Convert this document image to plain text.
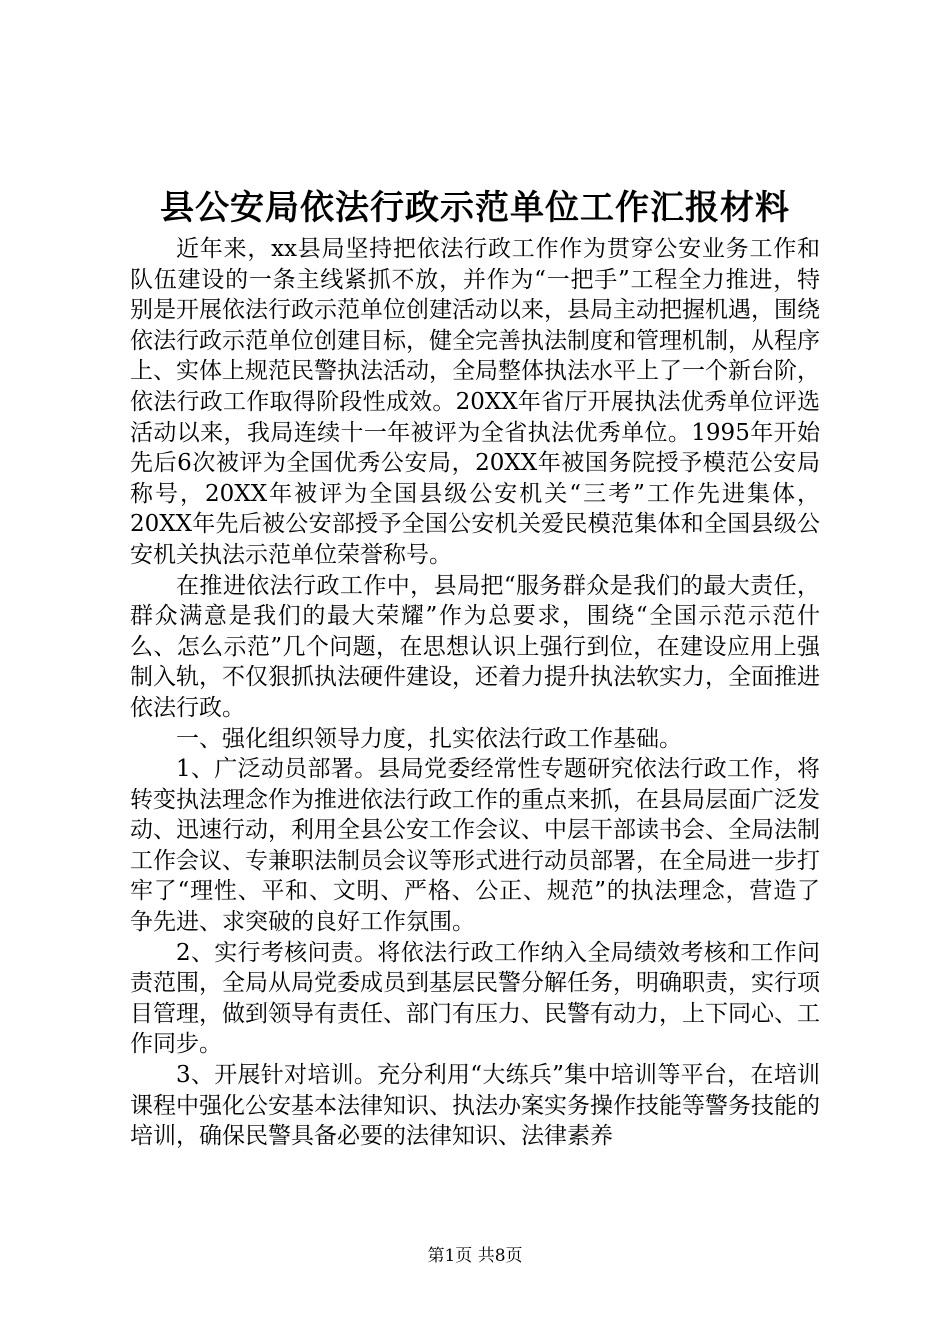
县公安局依法行政示范单位工作汇报材料

近年来，xx县局坚持把依法行政工作作为贯穿公安业务工作和队伍建设的一条主线紧抓不放，并作为“一把手”工程全力推进，特别是开展依法行政示范单位创建活动以来，县局主动把握机遇，围绕依法行政示范单位创建目标，健全完善执法制度和管理机制，从程序上、实体上规范民警执法活动，全局整体执法水平上了一个新台阶，依法行政工作取得阶段性成效。20XX年省厅开展执法优秀单位评选活动以来，我局连续十一年被评为全省执法优秀单位。1995年开始先后6次被评为全国优秀公安局，20XX年被国务院授予模范公安局称号，20XX年被评为全国县级公安机关“三考”工作先进集体，20XX年先后被公安部授予全国公安机关爱民模范集体和全国县级公安机关执法示范单位荣誉称号。

在推进依法行政工作中，县局把“服务群众是我们的最大责任，群众满意是我们的最大荣耀”作为总要求，围绕“全国示范示范什么、怎么示范”几个问题，在思想认识上强行到位，在建设应用上强制入轨，不仅狠抓执法硬件建设，还着力提升执法软实力，全面推进依法行政。

一、强化组织领导力度，扎实依法行政工作基础。

1、广泛动员部署。县局党委经常性专题研究依法行政工作，将转变执法理念作为推进依法行政工作的重点来抓，在县局层面广泛发动、迅速行动，利用全县公安工作会议、中层干部读书会、全局法制工作会议、专兼职法制员会议等形式进行动员部署，在全局进一步打牢了“理性、平和、文明、严格、公正、规范”的执法理念，营造了争先进、求突破的良好工作氛围。

2、实行考核问责。将依法行政工作纳入全局绩效考核和工作问责范围，全局从局党委成员到基层民警分解任务，明确职责，实行项目管理，做到领导有责任、部门有压力、民警有动力，上下同心、工作同步。

3、开展针对培训。充分利用“大练兵”集中培训等平台，在培训课程中强化公安基本法律知识、执法办案实务操作技能等警务技能的培训，确保民警具备必要的法律知识、法律素养

第1页 共8页
